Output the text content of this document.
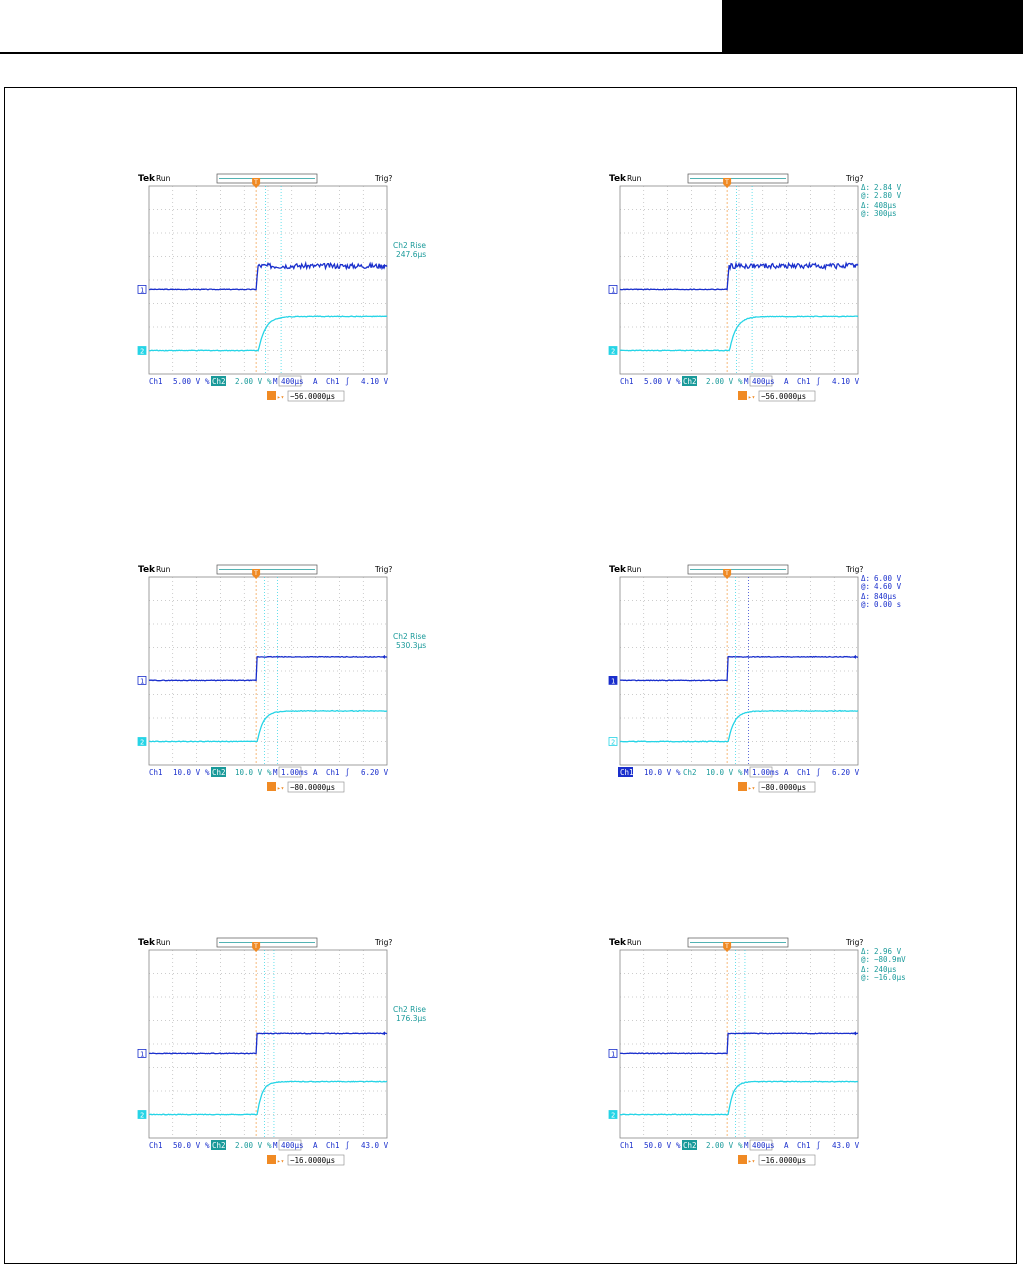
Tek Run	Trig?
T
1
2
Ch2 Rise
247.6µs
Ch1 5.00 V % Ch2 2.00 V % M 400µs A Ch1 ∫ 4.10 V
▸▾ −56.0000µs
Tek Run	Trig?
T
1
2
Δ: 2.84 V
@: 2.80 V
Δ: 408µs
@: 300µs
Ch1 5.00 V % Ch2 2.00 V % M 400µs A Ch1 ∫ 4.10 V
▸▾ −56.0000µs
Tek Run	Trig?
T
1
2
Ch2 Rise
530.3µs
Ch1 10.0 V % Ch2 10.0 V % M 1.00ms A Ch1 ∫ 6.20 V
▸▾ −80.0000µs
Tek Run	Trig?
T
1
2
Δ: 6.00 V
@: 4.60 V
Δ: 840µs
@: 0.00 s
Ch1 10.0 V % Ch2 10.0 V % M 1.00ms A Ch1 ∫ 6.20 V
▸▾ −80.0000µs
Tek Run	Trig?
T
1
2
Ch2 Rise
176.3µs
Ch1 50.0 V % Ch2 2.00 V % M 400µs A Ch1 ∫ 43.0 V
▸▾ −16.0000µs
Tek Run	Trig?
T
1
2
Δ: 2.96 V
@: −80.9mV
Δ: 240µs
@: −16.0µs
Ch1 50.0 V % Ch2 2.00 V % M 400µs A Ch1 ∫ 43.0 V
▸▾ −16.0000µs
